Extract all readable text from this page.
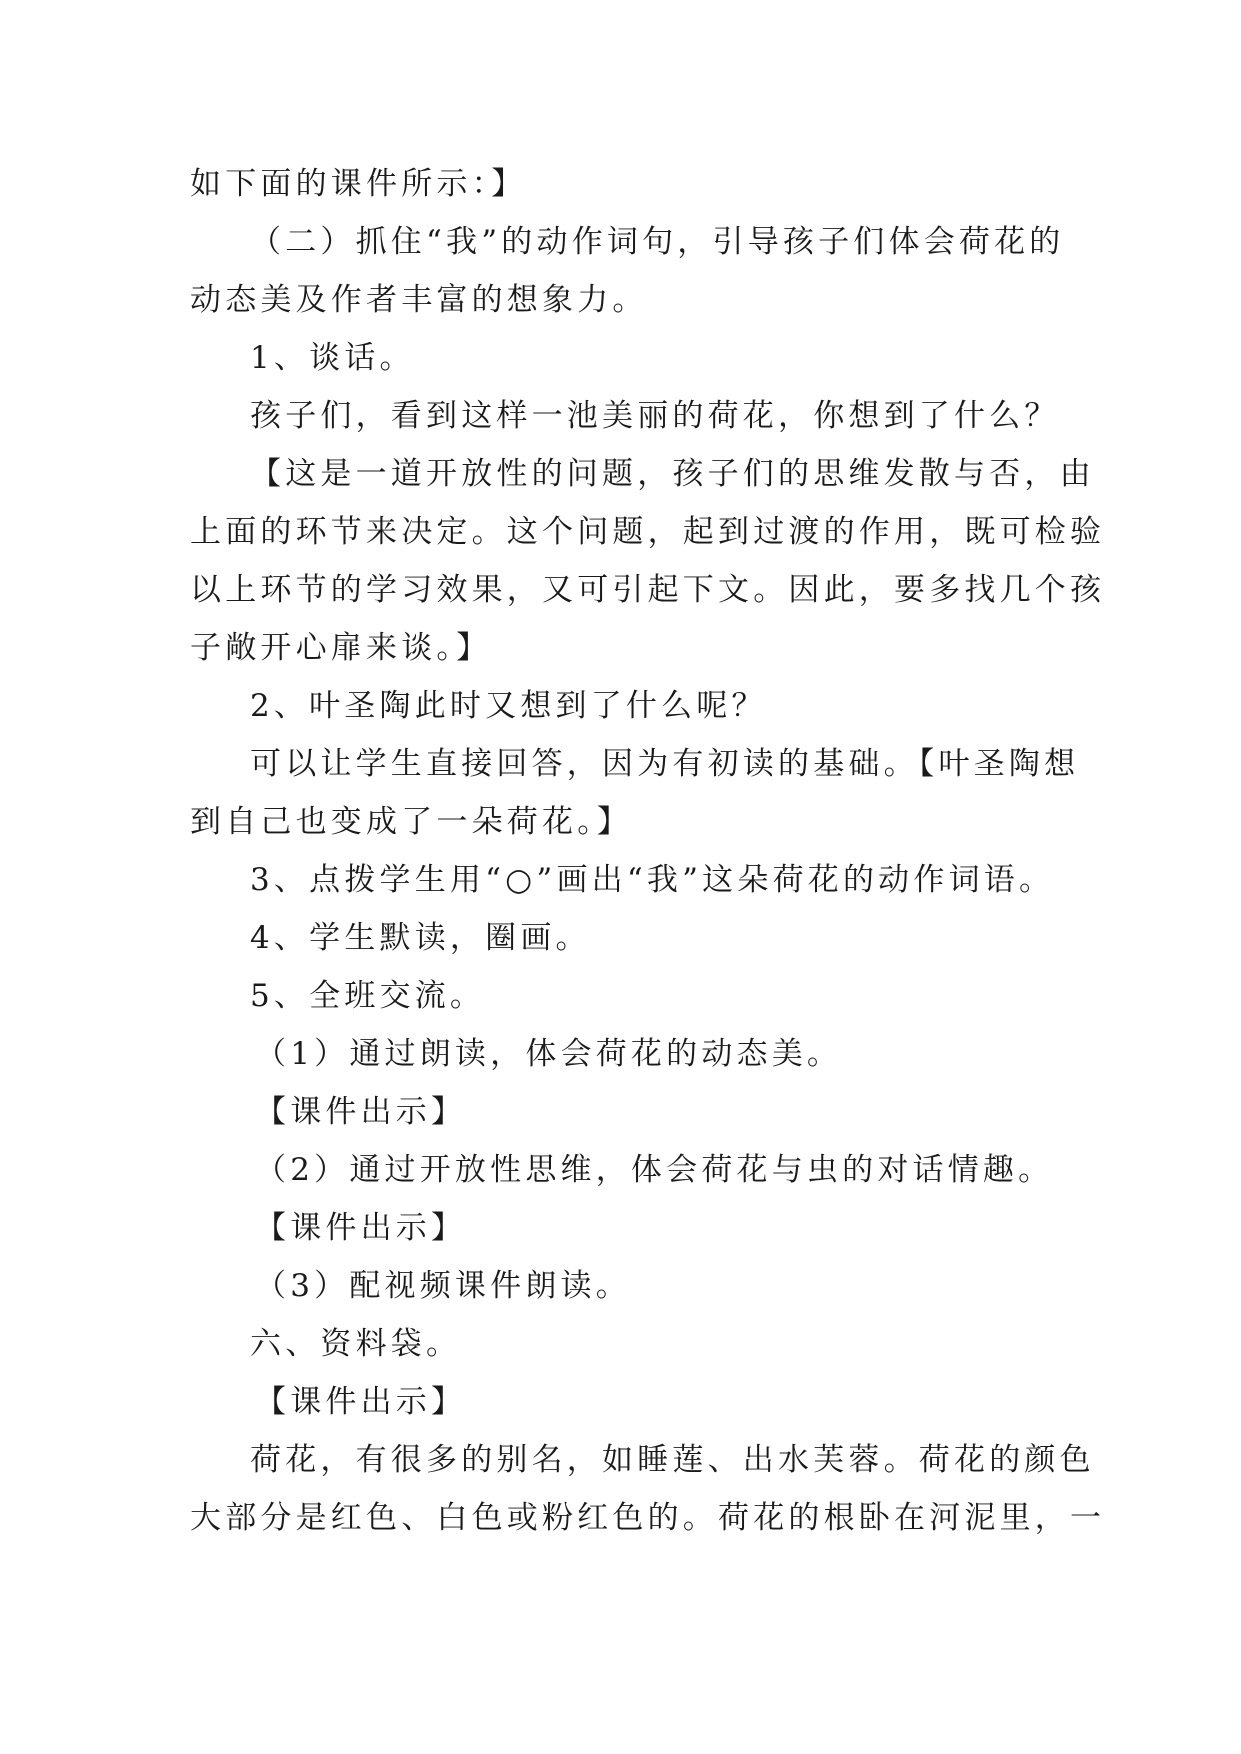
如下面的课件所示：】

（二）抓住“我”的动作词句，引导孩子们体会荷花的

动态美及作者丰富的想象力。

1、谈话。

孩子们，看到这样一池美丽的荷花，你想到了什么？

【这是一道开放性的问题，孩子们的思维发散与否，由

上面的环节来决定。这个问题，起到过渡的作用，既可检验

以上环节的学习效果，又可引起下文。因此，要多找几个孩

子敞开心扉来谈。】

2、叶圣陶此时又想到了什么呢？

可以让学生直接回答，因为有初读的基础。【叶圣陶想

到自己也变成了一朵荷花。】

3、点拨学生用“○”画出“我”这朵荷花的动作词语。

4、学生默读，圈画。

5、全班交流。

（1）通过朗读，体会荷花的动态美。

【课件出示】

（2）通过开放性思维，体会荷花与虫的对话情趣。

【课件出示】

（3）配视频课件朗读。

六、资料袋。

【课件出示】

荷花，有很多的别名，如睡莲、出水芙蓉。荷花的颜色

大部分是红色、白色或粉红色的。荷花的根卧在河泥里，一
